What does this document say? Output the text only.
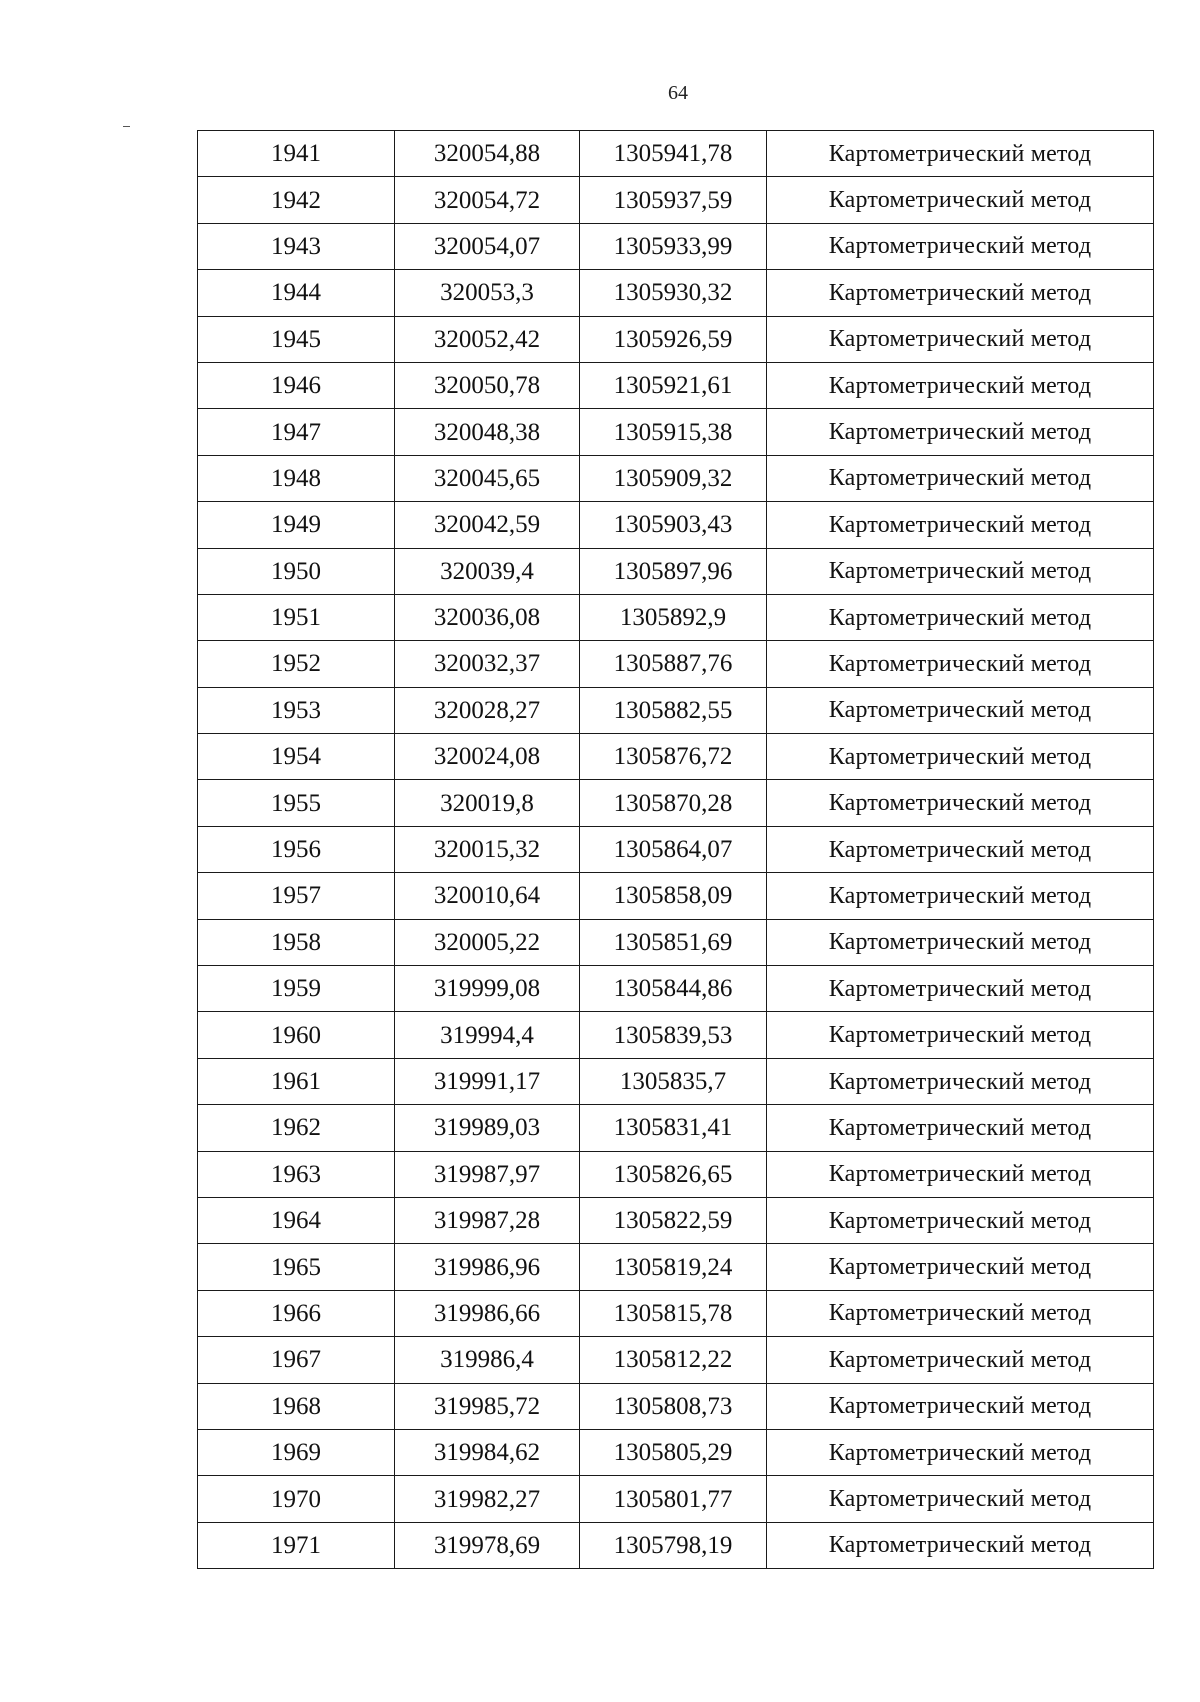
64
1941	320054,88	1305941,78	Картометрический метод
1942	320054,72	1305937,59	Картометрический метод
1943	320054,07	1305933,99	Картометрический метод
1944	320053,3	1305930,32	Картометрический метод
1945	320052,42	1305926,59	Картометрический метод
1946	320050,78	1305921,61	Картометрический метод
1947	320048,38	1305915,38	Картометрический метод
1948	320045,65	1305909,32	Картометрический метод
1949	320042,59	1305903,43	Картометрический метод
1950	320039,4	1305897,96	Картометрический метод
1951	320036,08	1305892,9	Картометрический метод
1952	320032,37	1305887,76	Картометрический метод
1953	320028,27	1305882,55	Картометрический метод
1954	320024,08	1305876,72	Картометрический метод
1955	320019,8	1305870,28	Картометрический метод
1956	320015,32	1305864,07	Картометрический метод
1957	320010,64	1305858,09	Картометрический метод
1958	320005,22	1305851,69	Картометрический метод
1959	319999,08	1305844,86	Картометрический метод
1960	319994,4	1305839,53	Картометрический метод
1961	319991,17	1305835,7	Картометрический метод
1962	319989,03	1305831,41	Картометрический метод
1963	319987,97	1305826,65	Картометрический метод
1964	319987,28	1305822,59	Картометрический метод
1965	319986,96	1305819,24	Картометрический метод
1966	319986,66	1305815,78	Картометрический метод
1967	319986,4	1305812,22	Картометрический метод
1968	319985,72	1305808,73	Картометрический метод
1969	319984,62	1305805,29	Картометрический метод
1970	319982,27	1305801,77	Картометрический метод
1971	319978,69	1305798,19	Картометрический метод
